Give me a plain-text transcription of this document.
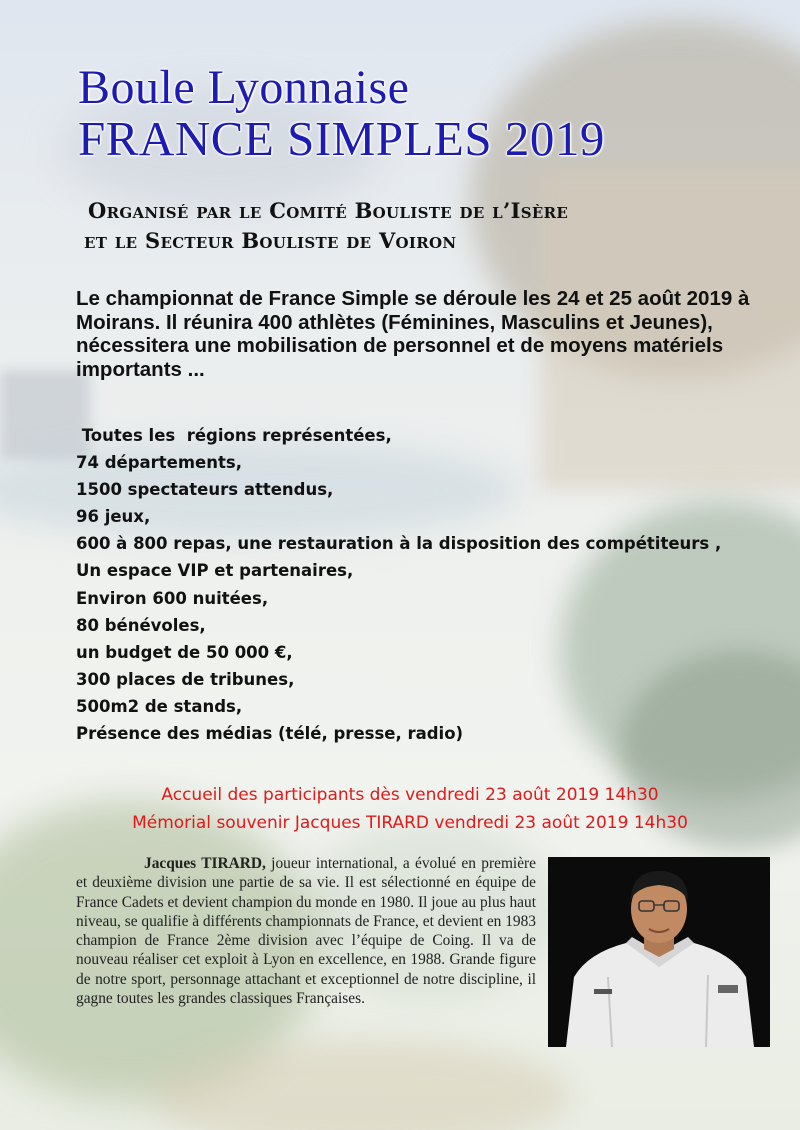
Boule Lyonnaise
FRANCE SIMPLES 2019
Organisé par le Comité Bouliste de l’Isère
et le Secteur Bouliste de Voiron

Le championnat de France Simple se déroule les 24 et 25 août 2019 à Moirans. Il réunira 400 athlètes (Féminines, Masculins et Jeunes), nécessitera une mobilisation de personnel et de moyens matériels importants ...

Toutes les  régions représentées,
74 départements,
1500 spectateurs attendus,
96 jeux,
600 à 800 repas, une restauration à la disposition des compétiteurs ,
Un espace VIP et partenaires,
Environ 600 nuitées,
80 bénévoles,
un budget de 50 000 €,
300 places de tribunes,
500m2 de stands,
Présence des médias (télé, presse, radio)
Accueil des participants dès vendredi 23 août 2019 14h30
Mémorial souvenir Jacques TIRARD vendredi 23 août 2019 14h30

Jacques TIRARD, joueur international, a évolué en première et deuxième division une partie de sa vie. Il est sélectionné en équipe de France Cadets et devient champion du monde en 1980. Il joue au plus haut niveau, se qualifie à différents championnats de France, et devient en 1983 champion de France 2ème division avec l’équipe de Coing. Il va de nouveau réaliser cet exploit à Lyon en excellence, en 1988. Grande figure de notre sport, personnage attachant et exceptionnel de notre discipline, il gagne toutes les grandes classiques Françaises.
